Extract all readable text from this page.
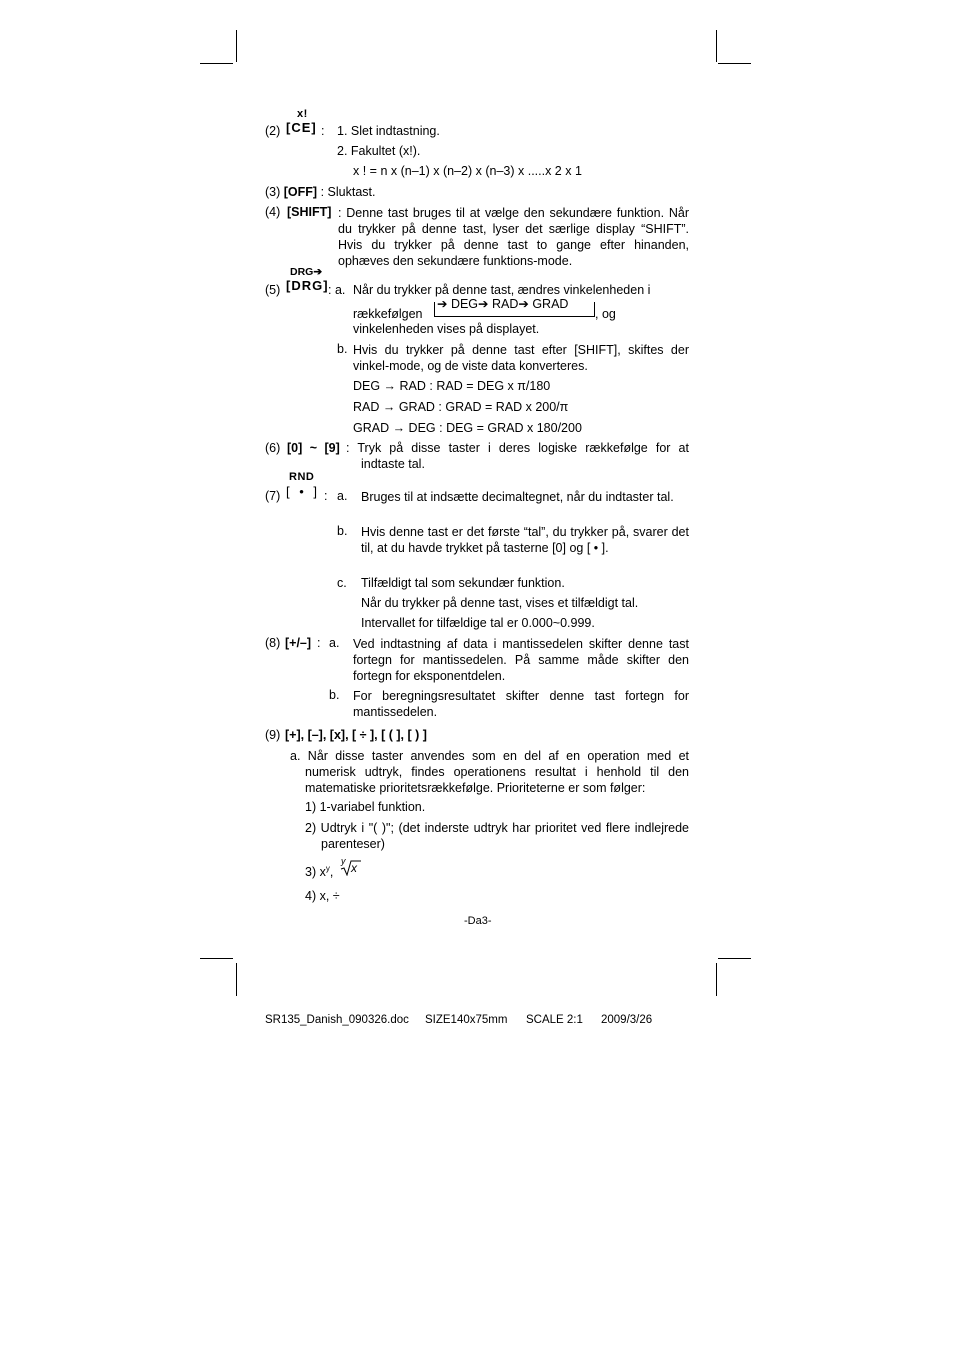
x!
(2) [CE] : 1. Slet indtastning.
2. Fakultet (x!).
x ! = n x (n–1) x (n–2) x (n–3) x .....x 2 x 1
(3) [OFF] : Sluktast.
(4) [SHIFT] : Denne tast bruges til at vælge den sekundære funktion. Når du trykker på denne tast, lyser det særlige display “SHIFT”. Hvis du trykker på denne tast to gange efter hinanden, ophæves den sekundære funktions-mode.
DRG➔
(5) [DRG] : a. Når du trykker på denne tast, ændres vinkelenheden i
rækkefølgen
➔ DEG➔ RAD➔ GRAD
, og
vinkelenheden vises på displayet.
b. Hvis du trykker på denne tast efter [SHIFT], skiftes der vinkel-mode, og de viste data konverteres.
DEG → RAD : RAD = DEG x π/180
RAD → GRAD : GRAD = RAD x 200/π
GRAD → DEG : DEG = GRAD x 180/200
(6) [0] ~ [9] : Tryk på disse taster i deres logiske rækkefølge for at
indtaste tal.
RND
(7) [ • ] : a. Bruges til at indsætte decimaltegnet, når du indtaster tal.
b. Hvis denne tast er det første “tal”, du trykker på, svarer det til, at du havde trykket på tasterne [0] og [ • ].
c. Tilfældigt tal som sekundær funktion.
Når du trykker på denne tast, vises et tilfældigt tal.
Intervallet for tilfældige tal er 0.000~0.999.
(8) [+/–] : a. Ved indtastning af data i mantissedelen skifter denne tast fortegn for mantissedelen. På samme måde skifter den fortegn for eksponentdelen.
b. For beregningsresultatet skifter denne tast fortegn for mantissedelen.
(9) [+], [–], [x], [ ÷ ], [ ( ], [ ) ]
a. Når disse taster anvendes som en del af en operation med et numerisk udtryk, findes operationens resultat i henhold til den matematiske prioritetsrækkefølge. Prioriteterne er som følger:
1) 1-variabel funktion.
2) Udtryk i "( )"; (det inderste udtryk har prioritet ved flere indlejrede parenteser)
3) $x^y$,
y x
4) x, ÷
-Da3-
SR135_Danish_090326.doc SIZE140x75mm SCALE 2:1 2009/3/26
